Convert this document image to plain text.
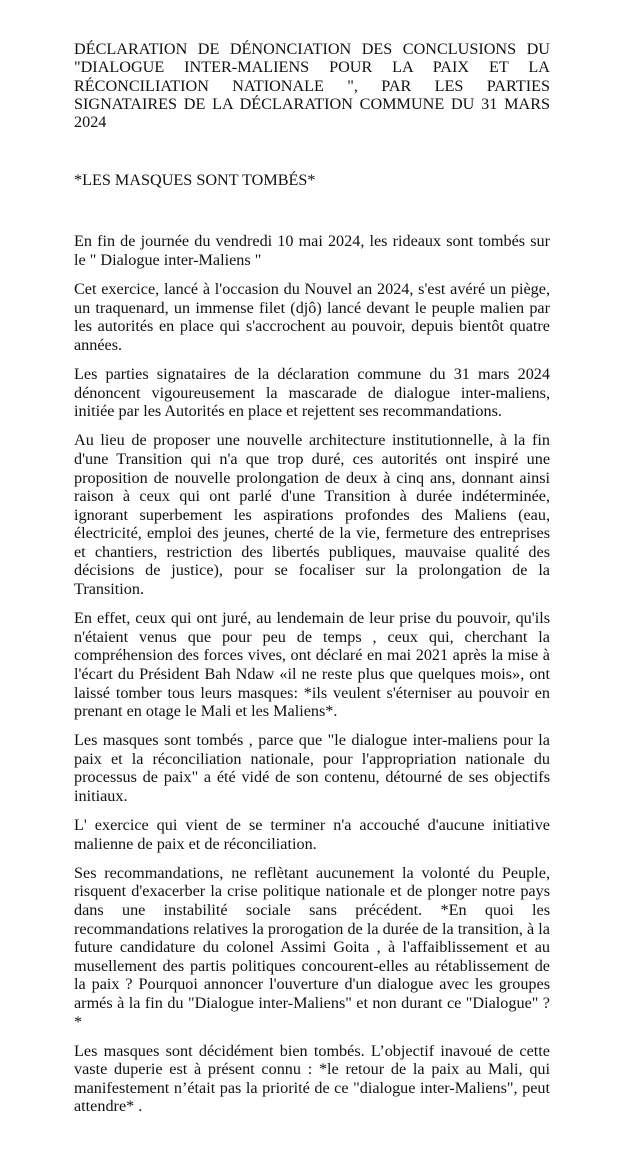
DÉCLARATION DE DÉNONCIATION DES CONCLUSIONS DU "DIALOGUE INTER-MALIENS POUR LA PAIX ET LA RÉCONCILIATION NATIONALE ", PAR LES PARTIES SIGNATAIRES DE LA DÉCLARATION COMMUNE DU 31 MARS 2024
*LES MASQUES SONT TOMBÉS*

En fin de journée du vendredi 10 mai 2024, les rideaux sont tombés sur le " Dialogue inter-Maliens "

Cet exercice, lancé à l'occasion du Nouvel an 2024, s'est avéré un piège, un traquenard, un immense filet (djô) lancé devant le peuple malien par les autorités en place qui s'accrochent au pouvoir, depuis bientôt quatre années.

Les parties signataires de la déclaration commune du 31 mars 2024 dénoncent vigoureusement la mascarade de dialogue inter-maliens, initiée par les Autorités en place et rejettent ses recommandations.

Au lieu de proposer une nouvelle architecture institutionnelle, à la fin d'une Transition qui n'a que trop duré, ces autorités ont inspiré une proposition de nouvelle prolongation de deux à cinq ans, donnant ainsi raison à ceux qui ont parlé d'une Transition à durée indéterminée, ignorant superbement les aspirations profondes des Maliens (eau, électricité, emploi des jeunes, cherté de la vie, fermeture des entreprises et chantiers, restriction des libertés publiques, mauvaise qualité des décisions de justice), pour se focaliser sur la prolongation de la Transition.

En effet, ceux qui ont juré, au lendemain de leur prise du pouvoir, qu'ils n'étaient venus que pour peu de temps , ceux qui, cherchant la compréhension des forces vives, ont déclaré en mai 2021 après la mise à l'écart du Président Bah Ndaw «il ne reste plus que quelques mois», ont laissé tomber tous leurs masques: *ils veulent s'éterniser au pouvoir en prenant en otage le Mali et les Maliens*.

Les masques sont tombés , parce que "le dialogue inter-maliens pour la paix et la réconciliation nationale, pour l'appropriation nationale du processus de paix" a été vidé de son contenu, détourné de ses objectifs initiaux.

L' exercice qui vient de se terminer n'a accouché d'aucune initiative malienne de paix et de réconciliation.

Ses recommandations, ne reflètant aucunement la volonté du Peuple, risquent d'exacerber la crise politique nationale et de plonger notre pays dans une instabilité sociale sans précédent. *En quoi les recommandations relatives la prorogation de la durée de la transition, à la future candidature du colonel Assimi Goita , à l'affaiblissement et au musellement des partis politiques concourent-elles au rétablissement de la paix ? Pourquoi annoncer l'ouverture d'un dialogue avec les groupes armés à la fin du "Dialogue inter-Maliens" et non durant ce "Dialogue" ?*

Les masques sont décidément bien tombés. L’objectif inavoué de cette vaste duperie est à présent connu : *le retour de la paix au Mali, qui manifestement n’était pas la priorité de ce "dialogue inter-Maliens", peut attendre* .
